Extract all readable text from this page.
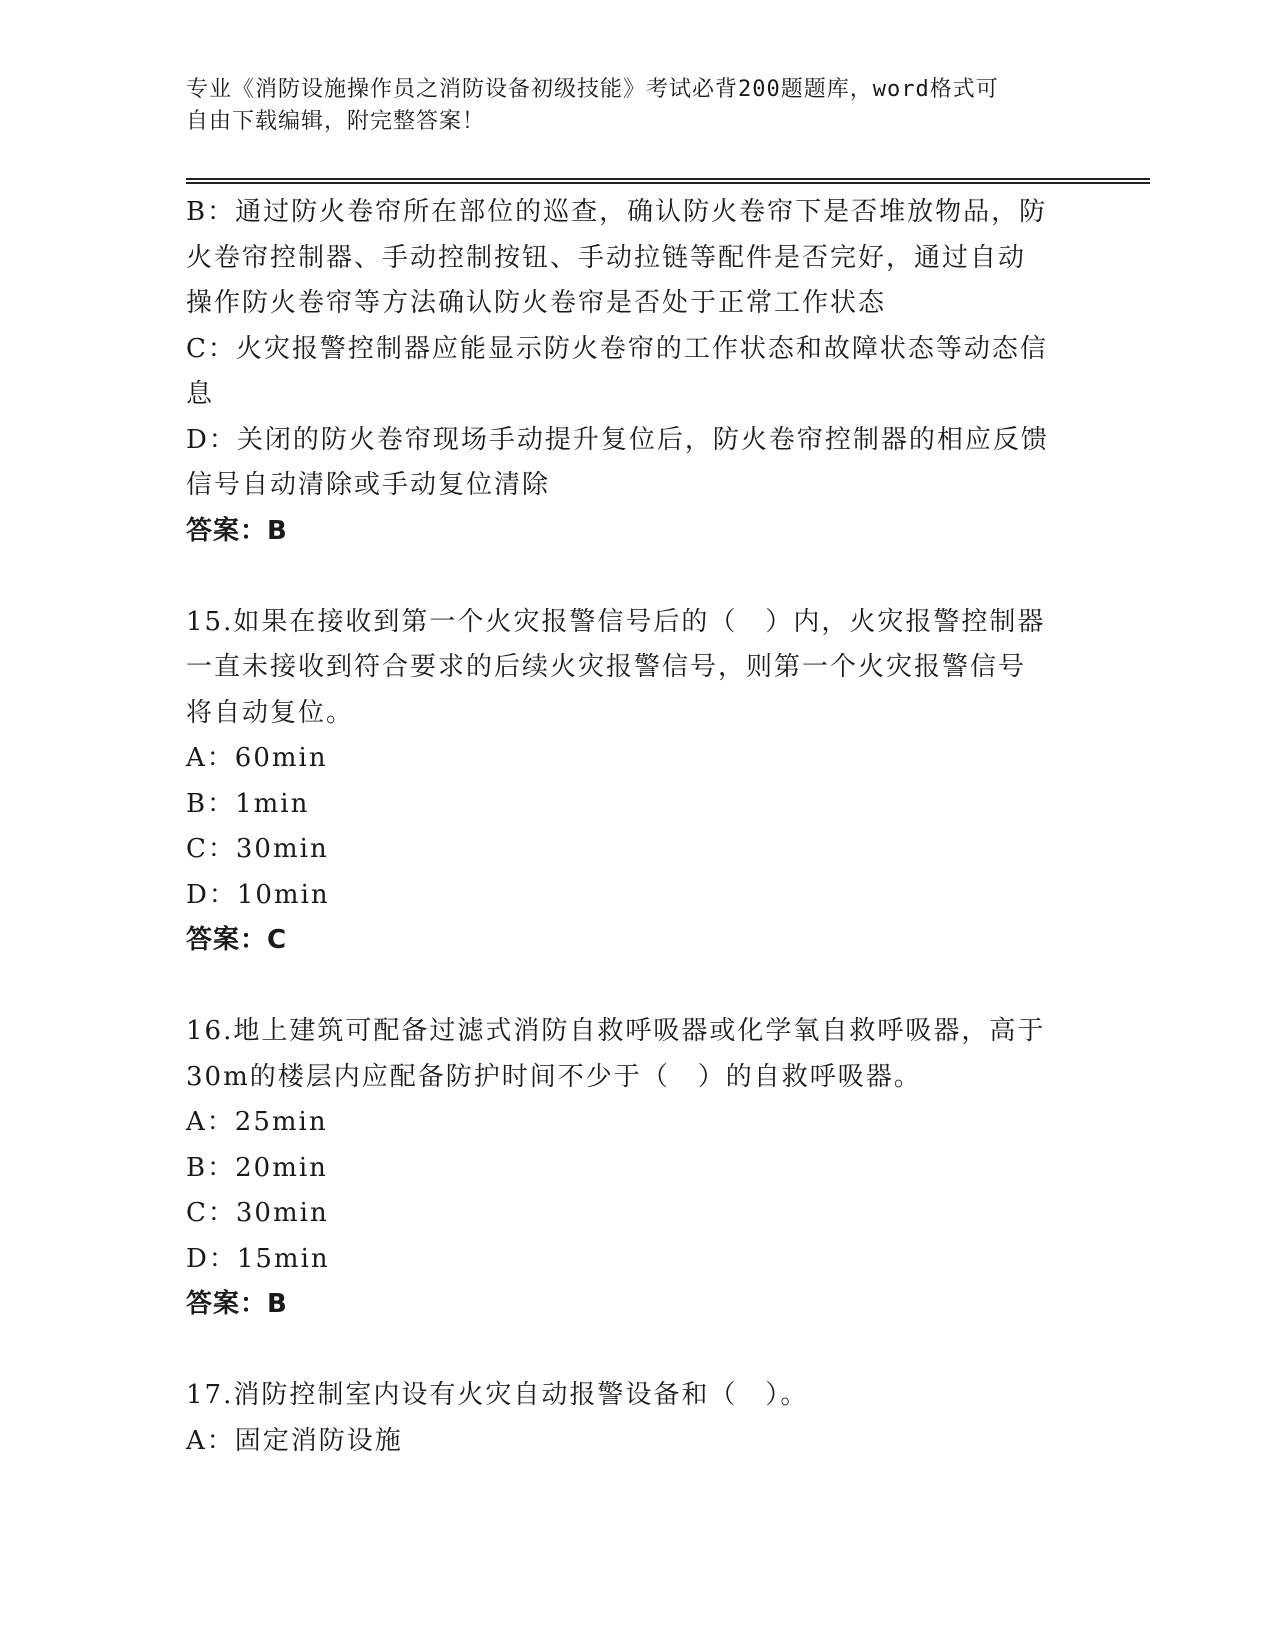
专业《消防设施操作员之消防设备初级技能》考试必背200题题库，word格式可
自由下载编辑，附完整答案！
B：通过防火卷帘所在部位的巡查，确认防火卷帘下是否堆放物品，防
火卷帘控制器、手动控制按钮、手动拉链等配件是否完好，通过自动
操作防火卷帘等方法确认防火卷帘是否处于正常工作状态
C：火灾报警控制器应能显示防火卷帘的工作状态和故障状态等动态信
息
D：关闭的防火卷帘现场手动提升复位后，防火卷帘控制器的相应反馈
信号自动清除或手动复位清除
答案：B
15.如果在接收到第一个火灾报警信号后的（　）内，火灾报警控制器
一直未接收到符合要求的后续火灾报警信号，则第一个火灾报警信号
将自动复位。
A：60min
B：1min
C：30min
D：10min
答案：C
16.地上建筑可配备过滤式消防自救呼吸器或化学氧自救呼吸器，高于
30m的楼层内应配备防护时间不少于（　）的自救呼吸器。
A：25min
B：20min
C：30min
D：15min
答案：B
17.消防控制室内设有火灾自动报警设备和（　）。
A：固定消防设施
